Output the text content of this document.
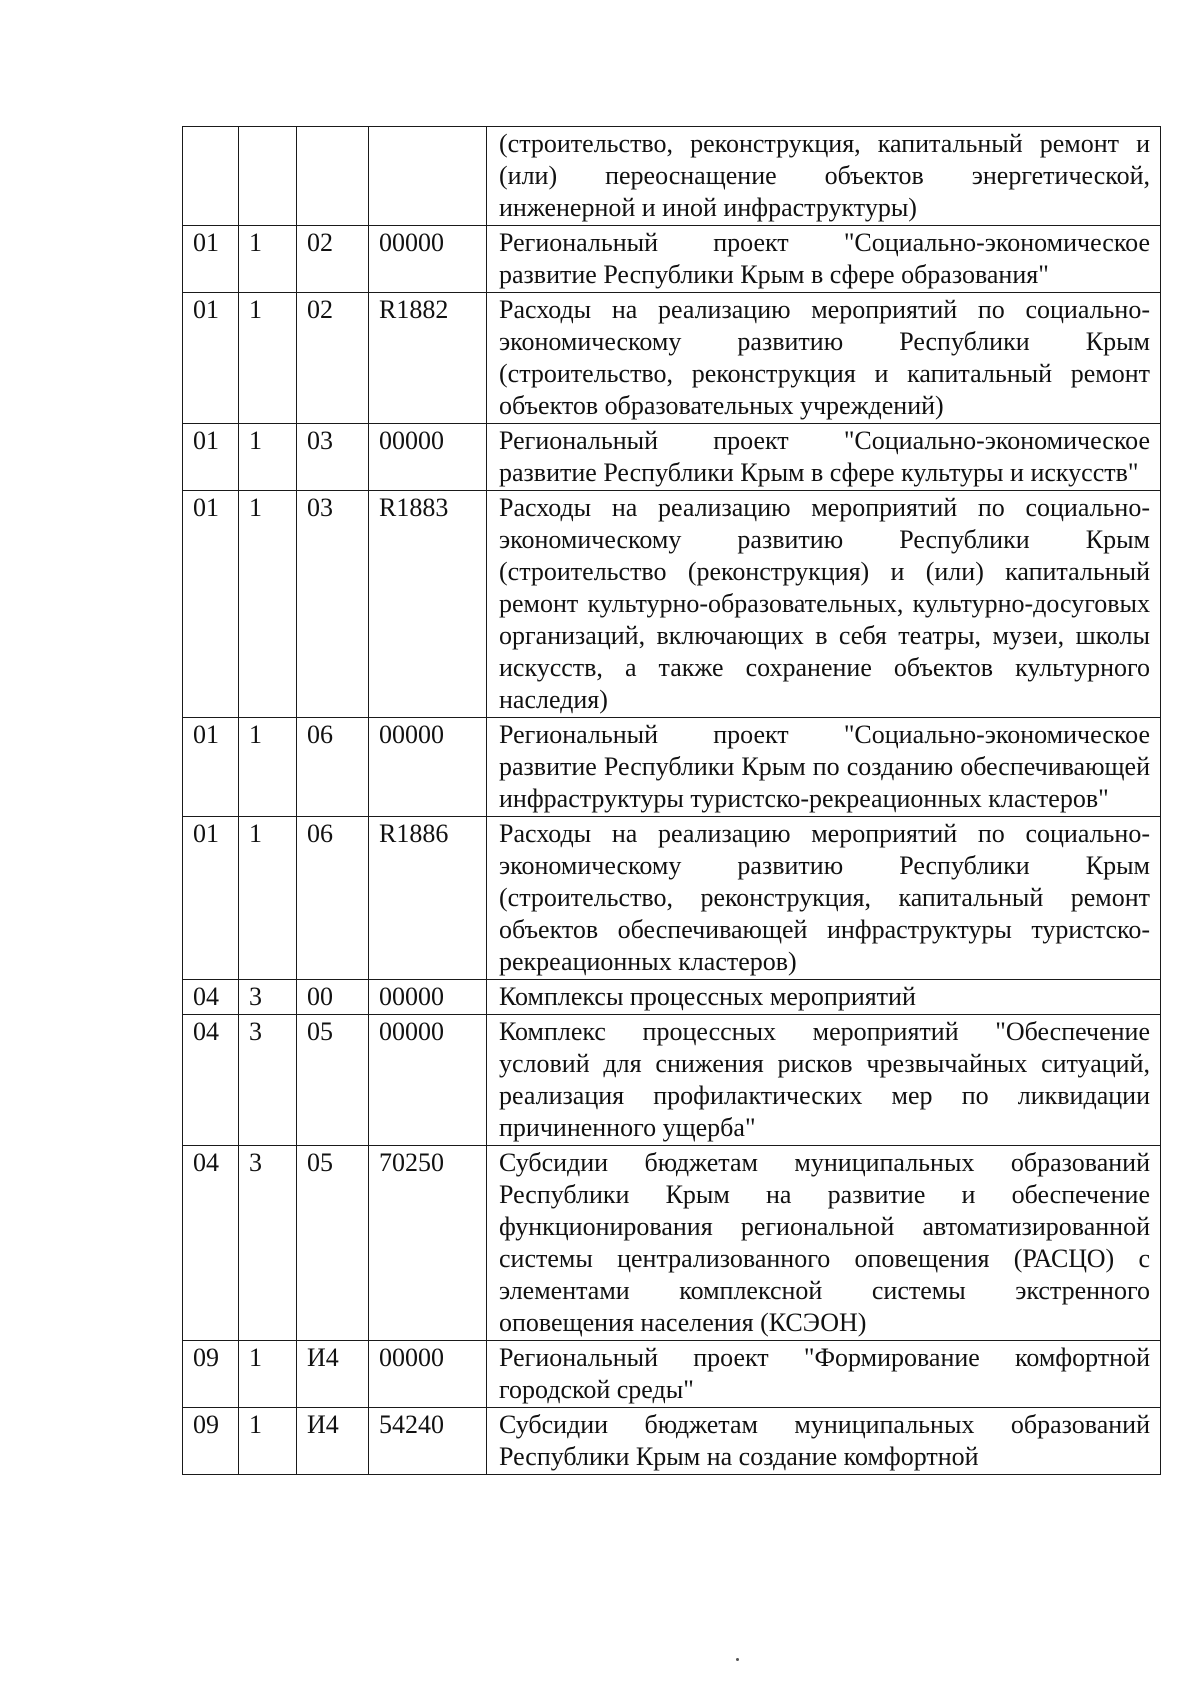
				(строительство, реконструкция, капитальный ремонт и (или) переоснащение объектов энергетической, инженерной и иной инфраструктуры)
01	1	02	00000	Региональный проект "Социально-экономическое развитие Республики Крым в сфере образования"
01	1	02	R1882	Расходы на реализацию мероприятий по социально-экономическому развитию Республики Крым (строительство, реконструкция и капитальный ремонт объектов образовательных учреждений)
01	1	03	00000	Региональный проект "Социально-экономическое развитие Республики Крым в сфере культуры и искусств"
01	1	03	R1883	Расходы на реализацию мероприятий по социально-экономическому развитию Республики Крым (строительство (реконструкция) и (или) капитальный ремонт культурно-образовательных, культурно-досуговых организаций, включающих в себя театры, музеи, школы искусств, а также сохранение объектов культурного наследия)
01	1	06	00000	Региональный проект "Социально-экономическое развитие Республики Крым по созданию обеспечивающей инфраструктуры туристско-рекреационных кластеров"
01	1	06	R1886	Расходы на реализацию мероприятий по социально-экономическому развитию Республики Крым (строительство, реконструкция, капитальный ремонт объектов обеспечивающей инфраструктуры туристско-рекреационных кластеров)
04	3	00	00000	Комплексы процессных мероприятий
04	3	05	00000	Комплекс процессных мероприятий "Обеспечение условий для снижения рисков чрезвычайных ситуаций, реализация профилактических мер по ликвидации причиненного ущерба"
04	3	05	70250	Субсидии бюджетам муниципальных образований Республики Крым на развитие и обеспечение функционирования региональной автоматизированной системы централизованного оповещения (РАСЦО) с элементами комплексной системы экстренного оповещения населения (КСЭОН)
09	1	И4	00000	Региональный проект "Формирование комфортной городской среды"
09	1	И4	54240	Субсидии бюджетам муниципальных образований Республики Крым на создание комфортной
